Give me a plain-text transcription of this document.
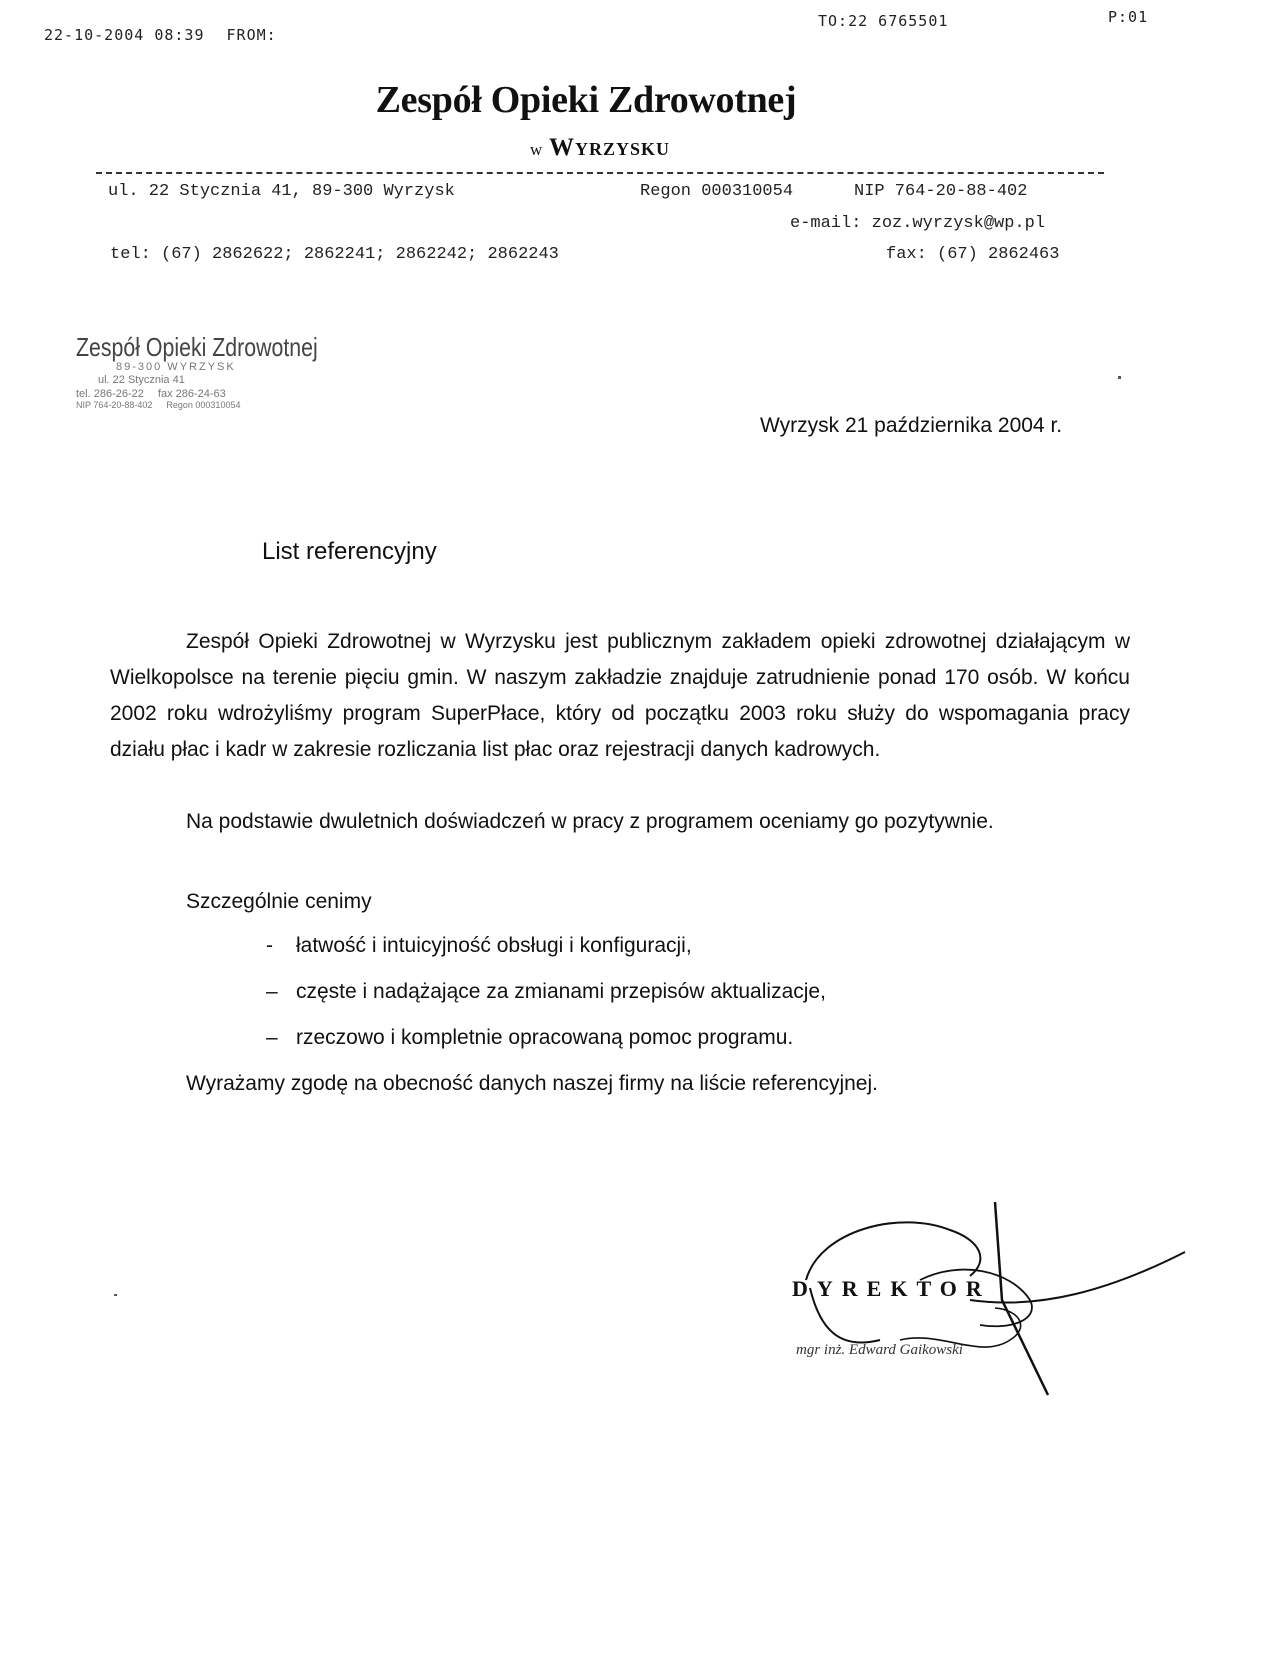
22-10-2004 08:39 FROM:
TO:22 6765501	P:01
Zespół Opieki Zdrowotnej
w Wyrzysku
ul. 22 Stycznia 41, 89-300 Wyrzysk	Regon 000310054	NIP 764-20-88-402
e-mail: zoz.wyrzysk@wp.pl
tel: (67) 2862622; 2862241; 2862242; 2862243	fax: (67) 2862463
Zespół Opieki Zdrowotnej
89-300 WYRZYSK
ul. 22 Stycznia 41
tel. 286-26-22 fax 286-24-63
NIP 764-20-88-402 Regon 000310054
Wyrzysk 21 października 2004 r.
List referencyjny
Zespół Opieki Zdrowotnej w Wyrzysku jest publicznym zakładem opieki zdrowotnej działającym w Wielkopolsce na terenie pięciu gmin. W naszym zakładzie znajduje zatrudnienie ponad 170 osób. W końcu 2002 roku wdrożyliśmy program SuperPłace, który od początku 2003 roku służy do wspomagania pracy działu płac i kadr w zakresie rozliczania list płac oraz rejestracji danych kadrowych.
Na podstawie dwuletnich doświadczeń w pracy z programem oceniamy go pozytywnie.
Szczególnie cenimy
- łatwość i intuicyjność obsługi i konfiguracji,
– częste i nadążające za zmianami przepisów aktualizacje,
– rzeczowo i kompletnie opracowaną pomoc programu.
Wyrażamy zgodę na obecność danych naszej firmy na liście referencyjnej.
DYREKTOR
mgr inż. Edward Gaikowski
